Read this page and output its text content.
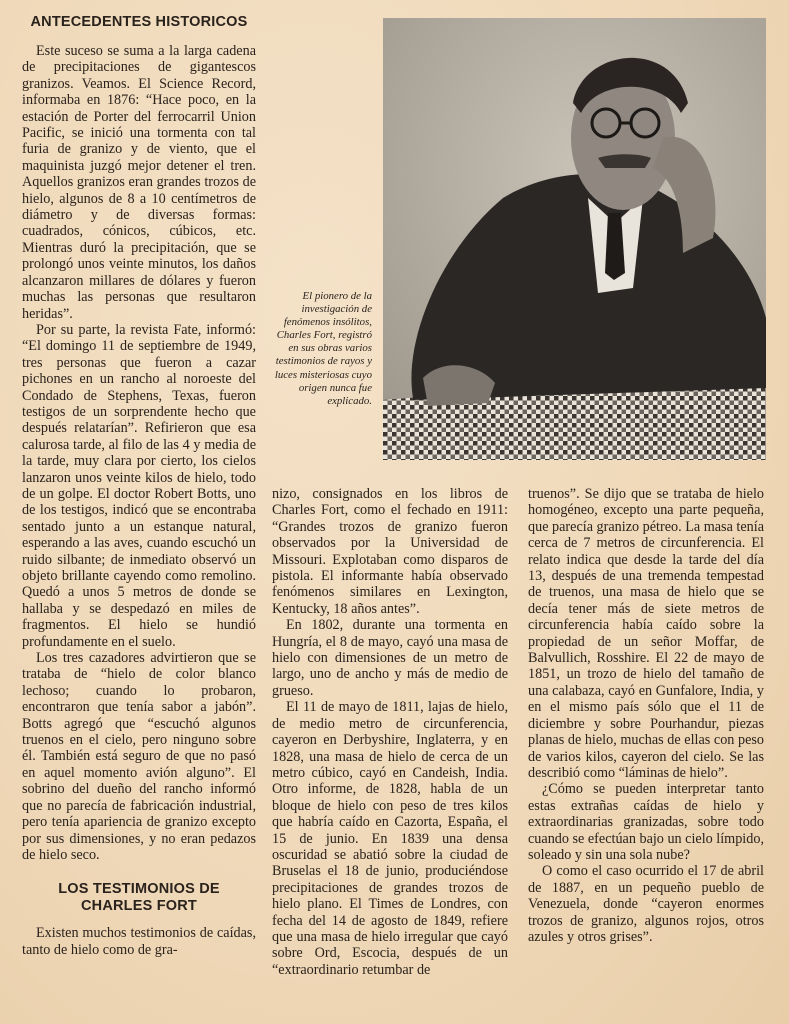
ANTECEDENTES HISTORICOS

Este suceso se suma a la larga cadena de precipitaciones de gigantescos granizos. Veamos. El Science Record, informaba en 1876: “Hace poco, en la estación de Porter del ferrocarril Union Pacific, se inició una tormenta con tal furia de granizo y de viento, que el maquinista juzgó mejor detener el tren. Aquellos granizos eran grandes trozos de hielo, algunos de 8 a 10 centímetros de diámetro y de diversas formas: cuadrados, cónicos, cúbicos, etc. Mientras duró la precipitación, que se prolongó unos veinte minutos, los daños alcanzaron millares de dólares y fueron muchas las personas que resultaron heridas”.

Por su parte, la revista Fate, informó: “El domingo 11 de septiembre de 1949, tres personas que fueron a cazar pichones en un rancho al noroeste del Condado de Stephens, Texas, fueron testigos de un sorprendente hecho que después relatarían”. Refirieron que esa calurosa tarde, al filo de las 4 y media de la tarde, muy clara por cierto, los cielos lanzaron unos veinte kilos de hielo, todo de un golpe. El doctor Robert Botts, uno de los testigos, indicó que se encontraba sentado junto a un estanque natural, esperando a las aves, cuando escuchó un ruido silbante; de inmediato observó un objeto brillante cayendo como remolino. Quedó a unos 5 metros de donde se hallaba y se despedazó en miles de fragmentos. El hielo se hundió profundamente en el suelo.

Los tres cazadores advirtieron que se trataba de “hielo de color blanco lechoso; cuando lo probaron, encontraron que tenía sabor a jabón”. Botts agregó que “escuchó algunos truenos en el cielo, pero ninguno sobre él. También está seguro de que no pasó en aquel momento avión alguno”. El sobrino del dueño del rancho informó que no parecía de fabricación industrial, pero tenía apariencia de granizo excepto por sus dimensiones, y no eran pedazos de hielo seco.

LOS TESTIMONIOS DE
CHARLES FORT

Existen muchos testimonios de caídas, tanto de hielo como de gra-

El pionero de la investigación de fenómenos insólitos, Charles Fort, registró en sus obras varios testimonios de rayos y luces misteriosas cuyo origen nunca fue explicado.

nizo, consignados en los libros de Charles Fort, como el fechado en 1911: “Grandes trozos de granizo fueron observados por la Universidad de Missouri. Explotaban como disparos de pistola. El informante había observado fenómenos similares en Lexington, Kentucky, 18 años antes”.

En 1802, durante una tormenta en Hungría, el 8 de mayo, cayó una masa de hielo con dimensiones de un metro de largo, uno de ancho y más de medio de grueso.

El 11 de mayo de 1811, lajas de hielo, de medio metro de circunferencia, cayeron en Derbyshire, Inglaterra, y en 1828, una masa de hielo de cerca de un metro cúbico, cayó en Candeish, India. Otro informe, de 1828, habla de un bloque de hielo con peso de tres kilos que habría caído en Cazorta, España, el 15 de junio. En 1839 una densa oscuridad se abatió sobre la ciudad de Bruselas el 18 de junio, produciéndose precipitaciones de grandes trozos de hielo plano. El Times de Londres, con fecha del 14 de agosto de 1849, refiere que una masa de hielo irregular que cayó sobre Ord, Escocia, después de un “extraordinario retumbar de

truenos”. Se dijo que se trataba de hielo homogéneo, excepto una parte pequeña, que parecía granizo pétreo. La masa tenía cerca de 7 metros de circunferencia. El relato indica que desde la tarde del día 13, después de una tremenda tempestad de truenos, una masa de hielo que se decía tener más de siete metros de circunferencia había caído sobre la propiedad de un señor Moffar, de Balvullich, Rosshire. El 22 de mayo de 1851, un trozo de hielo del tamaño de una calabaza, cayó en Gunfalore, India, y en el mismo país sólo que el 11 de diciembre y sobre Pourhandur, piezas planas de hielo, muchas de ellas con peso de varios kilos, cayeron del cielo. Se las describió como “láminas de hielo”.

¿Cómo se pueden interpretar tanto estas extrañas caídas de hielo y extraordinarias granizadas, sobre todo cuando se efectúan bajo un cielo límpido, soleado y sin una sola nube?

O como el caso ocurrido el 17 de abril de 1887, en un pequeño pueblo de Venezuela, donde “cayeron enormes trozos de granizo, algunos rojos, otros azules y otros grises”.
